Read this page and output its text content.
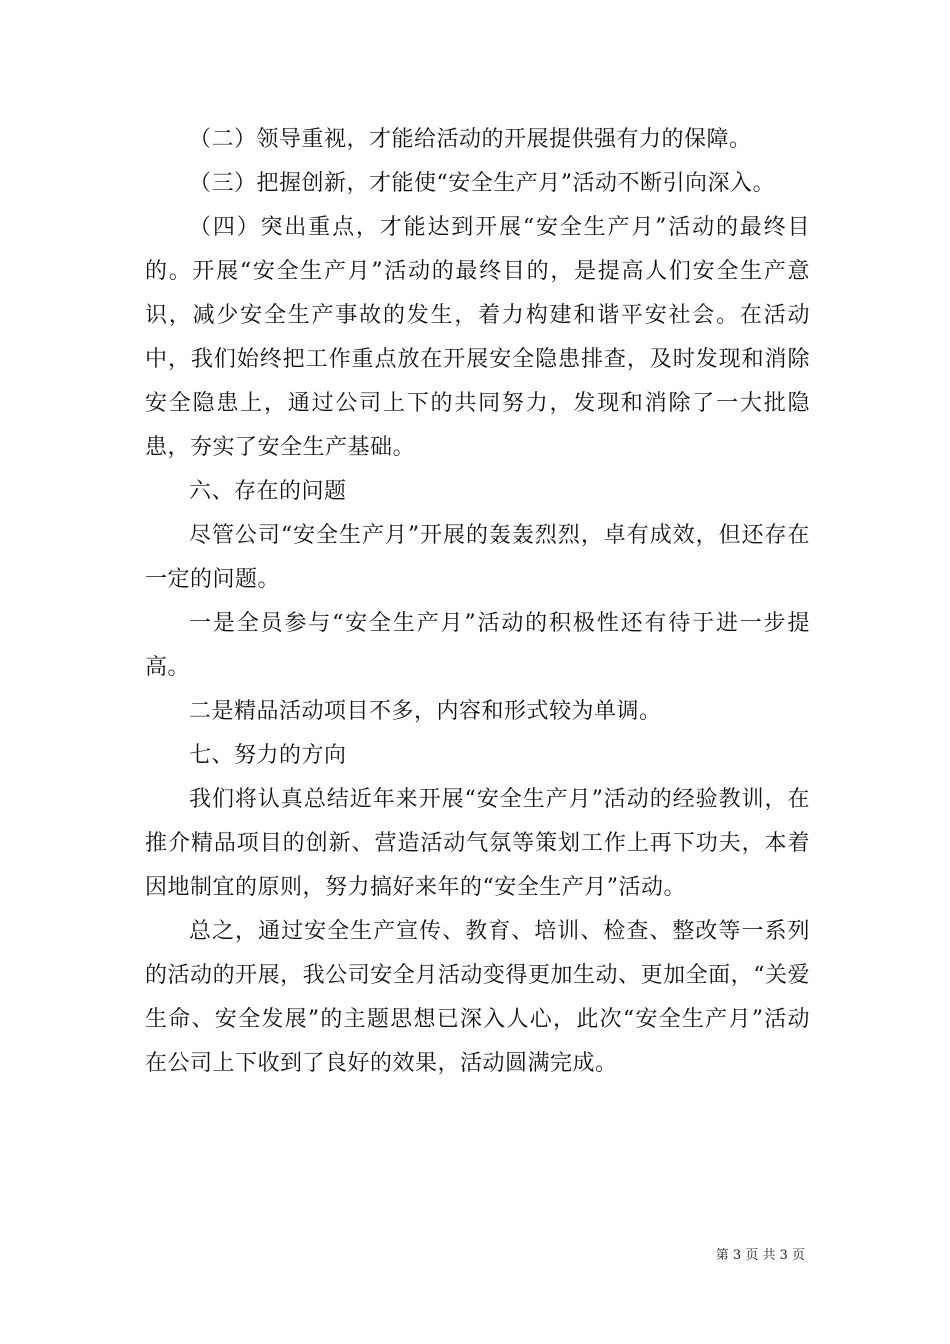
（二）领导重视，才能给活动的开展提供强有力的保障。

（三）把握创新，才能使“安全生产月”活动不断引向深入。

（四）突出重点，才能达到开展“安全生产月”活动的最终目的。开展“安全生产月”活动的最终目的，是提高人们安全生产意识，减少安全生产事故的发生，着力构建和谐平安社会。在活动中，我们始终把工作重点放在开展安全隐患排查，及时发现和消除安全隐患上，通过公司上下的共同努力，发现和消除了一大批隐患，夯实了安全生产基础。

六、存在的问题

尽管公司“安全生产月”开展的轰轰烈烈，卓有成效，但还存在一定的问题。

一是全员参与“安全生产月”活动的积极性还有待于进一步提高。

二是精品活动项目不多，内容和形式较为单调。

七、努力的方向

我们将认真总结近年来开展“安全生产月”活动的经验教训，在推介精品项目的创新、营造活动气氛等策划工作上再下功夫，本着因地制宜的原则，努力搞好来年的“安全生产月”活动。

总之，通过安全生产宣传、教育、培训、检查、整改等一系列的活动的开展，我公司安全月活动变得更加生动、更加全面，“关爱生命、安全发展”的主题思想已深入人心，此次“安全生产月”活动在公司上下收到了良好的效果，活动圆满完成。

第 3 页 共 3 页
